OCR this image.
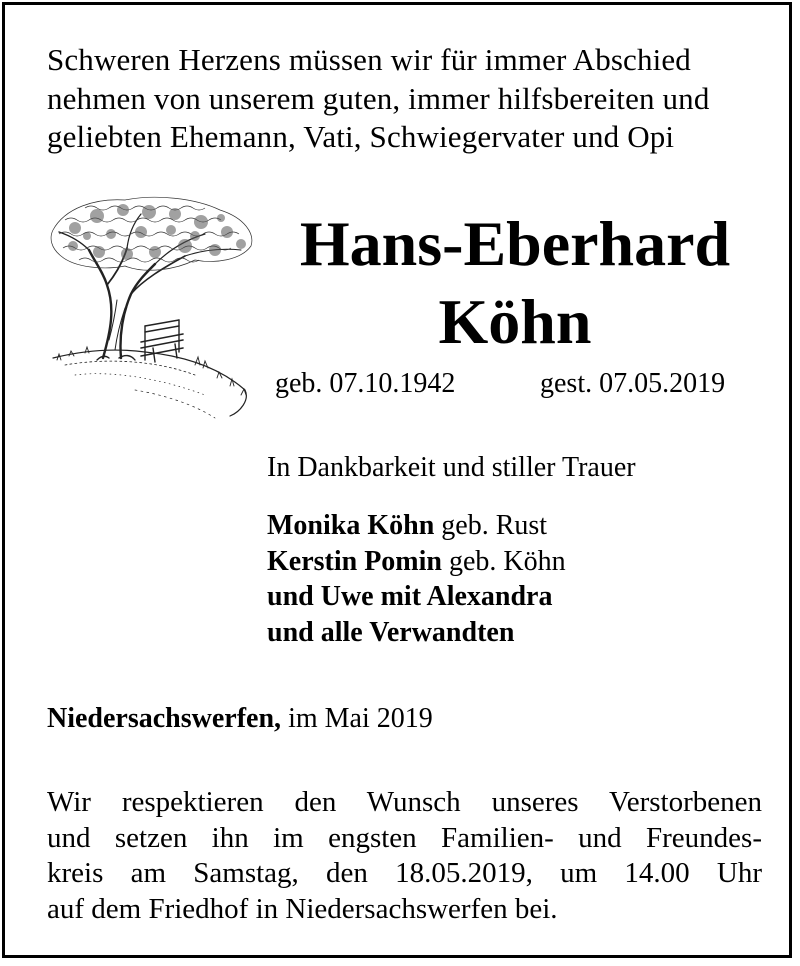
Schweren Herzens müssen wir für immer Abschied
nehmen von unserem guten, immer hilfsbereiten und
geliebten Ehemann, Vati, Schwiegervater und Opi
Hans-Eberhard
Köhn
geb. 07.10.1942	gest. 07.05.2019
In Dankbarkeit und stiller Trauer
Monika Köhn geb. Rust
Kerstin Pomin geb. Köhn
und Uwe mit Alexandra
und alle Verwandten
Niedersachswerfen, im Mai 2019
Wir respektieren den Wunsch unseres Verstorbenen
und setzen ihn im engsten Familien- und Freundes-
kreis am Samstag, den 18.05.2019, um 14.00 Uhr
auf dem Friedhof in Niedersachswerfen bei.
